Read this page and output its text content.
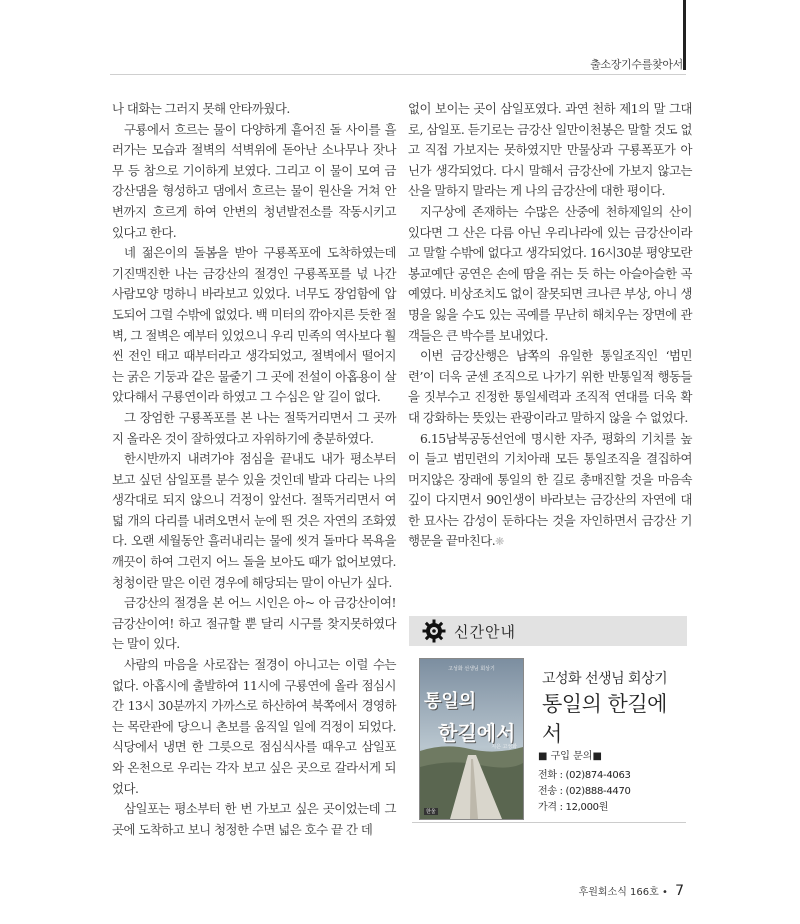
출소장기수를찾아서

나 대화는 그러지 못해 안타까웠다.

구룡에서 흐르는 물이 다양하게 흩어진 돌 사이를 흘러가는 모습과 절벽의 석벽위에 돋아난 소나무나 잣나무 등 참으로 기이하게 보였다. 그리고 이 물이 모여 금강산댐을 형성하고 댐에서 흐르는 물이 원산을 거쳐 안변까지 흐르게 하여 안변의 청년발전소를 작동시키고 있다고 한다.

네 젊은이의 돌봄을 받아 구룡폭포에 도착하였는데 기진맥진한 나는 금강산의 절경인 구룡폭포를 넋 나간 사람모양 멍하니 바라보고 있었다. 너무도 장엄함에 압도되어 그럴 수밖에 없었다. 백 미터의 깎아지른 듯한 절벽, 그 절벽은 예부터 있었으니 우리 민족의 역사보다 훨씬 전인 태고 때부터라고 생각되었고, 절벽에서 떨어지는 굵은 기둥과 같은 물줄기 그 곳에 전설이 아홉용이 살았다해서 구룡연이라 하였고 그 수심은 알 길이 없다.

그 장엄한 구룡폭포를 본 나는 절뚝거리면서 그 곳까지 올라온 것이 잘하였다고 자위하기에 충분하였다.

한시반까지 내려가야 점심을 끝내도 내가 평소부터 보고 싶던 삼일포를 분수 있을 것인데 발과 다리는 나의 생각대로 되지 않으니 걱정이 앞선다. 절뚝거리면서 여덟 개의 다리를 내려오면서 눈에 띈 것은 자연의 조화였다. 오랜 세월동안 흘러내리는 물에 씻겨 돌마다 목욕을 깨끗이 하여 그런지 어느 돌을 보아도 때가 없어보였다. 청청이란 말은 이런 경우에 해당되는 말이 아닌가 싶다.

금강산의 절경을 본 어느 시인은 아~ 아 금강산이여! 금강산이여! 하고 절규할 뿐 달리 시구를 찾지못하였다는 말이 있다.

사람의 마음을 사로잡는 절경이 아니고는 이럴 수는 없다. 아홉시에 출발하여 11시에 구룡연에 올라 점심시간 13시 30분까지 가까스로 하산하여 북쪽에서 경영하는 목란관에 당으니 촌보를 움직일 일에 걱정이 되었다. 식당에서 냉면 한 그릇으로 점심식사를 때우고 삼일포와 온천으로 우리는 각자 보고 싶은 곳으로 갈라서게 되었다.

삼일포는 평소부터 한 번 가보고 싶은 곳이었는데 그곳에 도착하고 보니 청정한 수면 넓은 호수 끝 간 데

없이 보이는 곳이 삼일포였다. 과연 천하 제1의 말 그대로, 삼일포. 듣기로는 금강산 일만이천봉은 말할 것도 없고 직접 가보지는 못하였지만 만물상과 구룡폭포가 아닌가 생각되었다. 다시 말해서 금강산에 가보지 않고는 산을 말하지 말라는 게 나의 금강산에 대한 평이다.

지구상에 존재하는 수많은 산중에 천하제일의 산이 있다면 그 산은 다름 아닌 우리나라에 있는 금강산이라고 말할 수밖에 없다고 생각되었다. 16시30분 평양모란봉교예단 공연은 손에 땀을 쥐는 듯 하는 아슬아슬한 곡예였다. 비상조치도 없이 잘못되면 크나큰 부상, 아니 생명을 잃을 수도 있는 곡예를 무난히 해치우는 장면에 관객들은 큰 박수를 보내었다.

이번 금강산행은 남쪽의 유일한 통일조직인 ‘범민련’이 더욱 굳센 조직으로 나가기 위한 반통일적 행동들을 짓부수고 진정한 통일세력과 조직적 연대를 더욱 확대 강화하는 뜻있는 관광이라고 말하지 않을 수 없었다.

6.15남북공동선언에 명시한 자주, 평화의 기치를 높이 들고 범민련의 기치아래 모든 통일조직을 결집하여 머지않은 장래에 통일의 한 길로 총매진할 것을 마음속 깊이 다지면서 90인생이 바라보는 금강산의 자연에 대한 묘사는 감성이 둔하다는 것을 자인하면서 금강산 기행문을 끝마친다.❋

신간안내
고성화 선생님 회상기
통일의
한길에서
지은 고성화
한울
고성화 선생님 회상기
통일의 한길에서
■ 구입 문의■
전화 : (02)874-4063
전송 : (02)888-4470
가격 : 12,000원
후원회소식 166호 • 7
